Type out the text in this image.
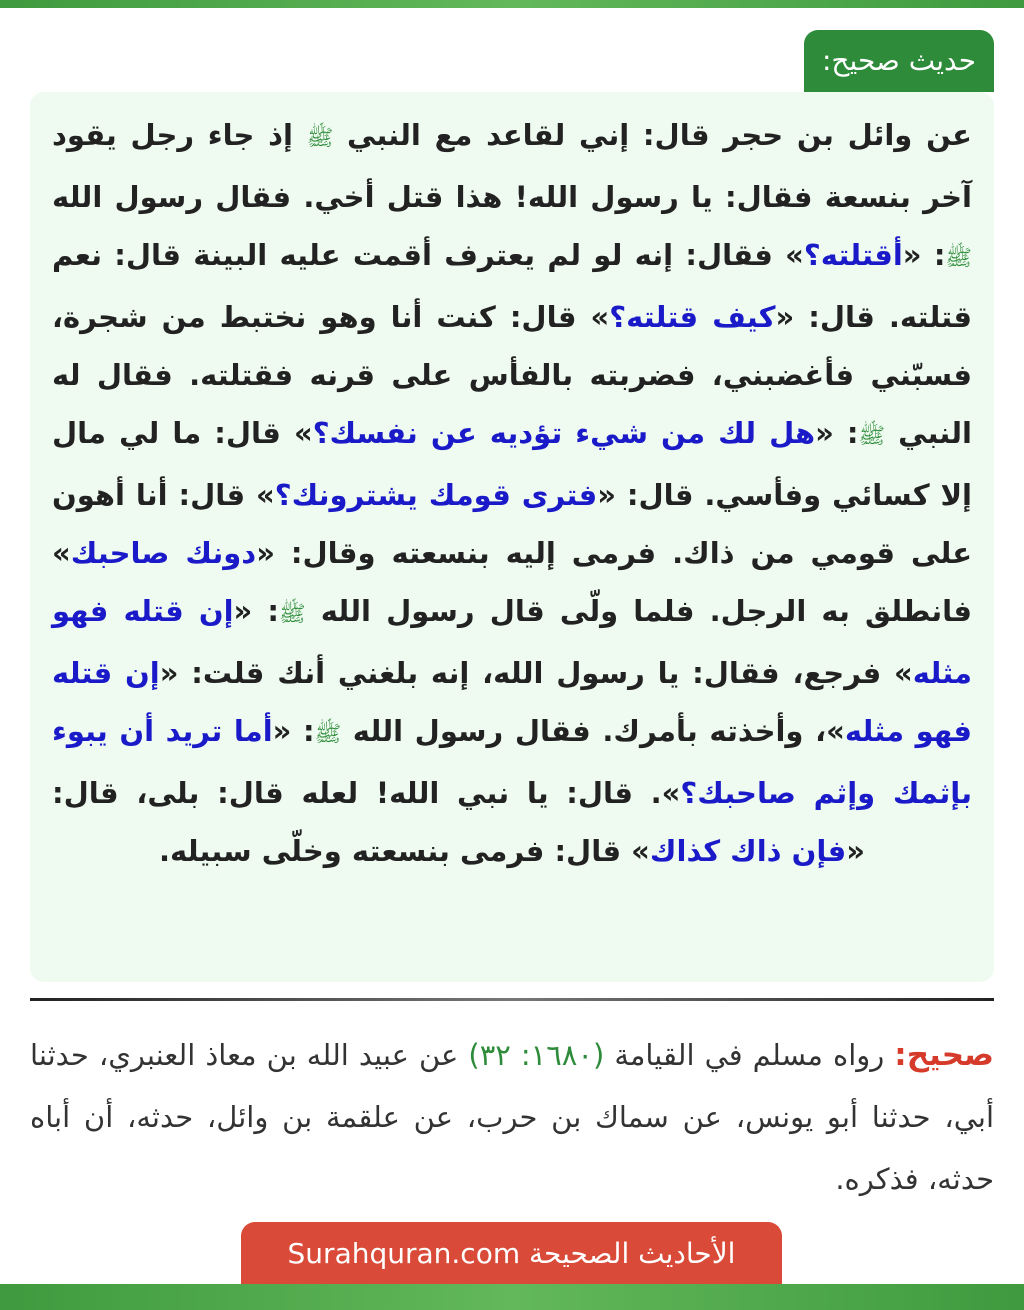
حديث صحيح:

عن وائل بن حجر قال: إني لقاعد مع النبي ﷺ إذ جاء رجل يقود آخر بنسعة فقال: يا رسول الله! هذا قتل أخي. فقال رسول الله ﷺ: «أقتلته؟» فقال: إنه لو لم يعترف أقمت عليه البينة قال: نعم قتلته. قال: «كيف قتلته؟» قال: كنت أنا وهو نختبط من شجرة، فسبّني فأغضبني، فضربته بالفأس على قرنه فقتلته. فقال له النبي ﷺ: «هل لك من شيء تؤديه عن نفسك؟» قال: ما لي مال إلا كسائي وفأسي. قال: «فترى قومك يشترونك؟» قال: أنا أهون على قومي من ذاك. فرمى إليه بنسعته وقال: «دونك صاحبك» فانطلق به الرجل. فلما ولّى قال رسول الله ﷺ: «إن قتله فهو مثله» فرجع، فقال: يا رسول الله، إنه بلغني أنك قلت: «إن قتله فهو مثله»، وأخذته بأمرك. فقال رسول الله ﷺ: «أما تريد أن يبوء بإثمك وإثم صاحبك؟». قال: يا نبي الله! لعله قال: بلى، قال: «فإن ذاك كذاك» قال: فرمى بنسعته وخلّى سبيله.

صحيح: رواه مسلم في القيامة (١٦٨٠: ٣٢) عن عبيد الله بن معاذ العنبري، حدثنا أبي، حدثنا أبو يونس، عن سماك بن حرب، عن علقمة بن وائل، حدثه، أن أباه حدثه، فذكره.

Surahquran.com الأحاديث الصحيحة
